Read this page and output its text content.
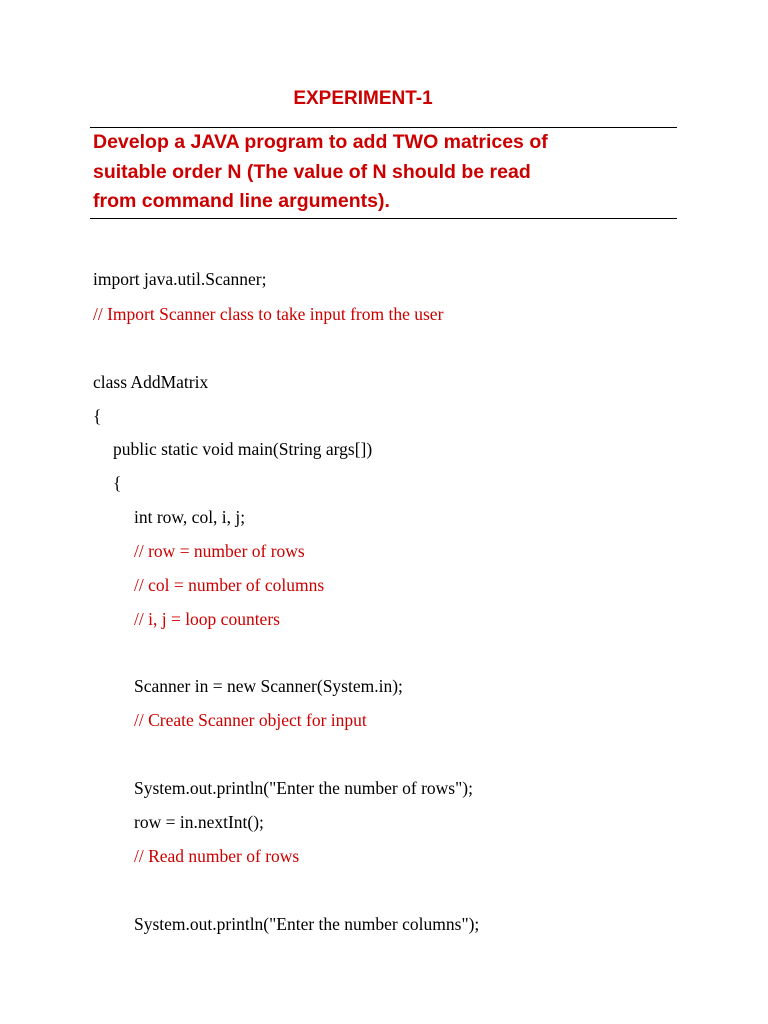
EXPERIMENT-1
Develop a JAVA program to add TWO matrices of
suitable order N (The value of N should be read
from command line arguments).
import java.util.Scanner;
// Import Scanner class to take input from the user
class AddMatrix
{
public static void main(String args[])
{
int row, col, i, j;
// row = number of rows
// col = number of columns
// i, j = loop counters
Scanner in = new Scanner(System.in);
// Create Scanner object for input
System.out.println("Enter the number of rows");
row = in.nextInt();
// Read number of rows
System.out.println("Enter the number columns");
